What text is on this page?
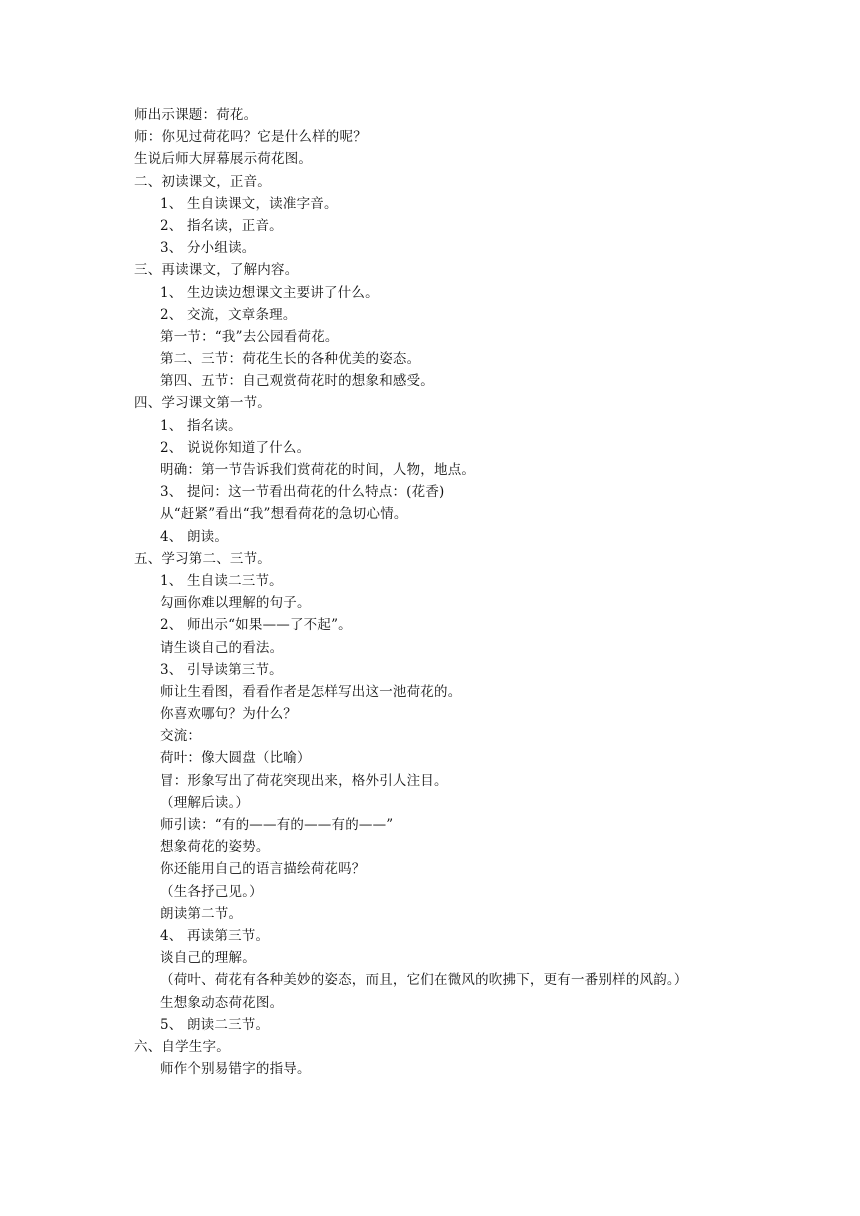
师出示课题：荷花。
师：你见过荷花吗？它是什么样的呢？
生说后师大屏幕展示荷花图。
二、初读课文，正音。
1、 生自读课文，读准字音。
2、 指名读，正音。
3、 分小组读。
三、再读课文，了解内容。
1、 生边读边想课文主要讲了什么。
2、 交流，文章条理。
第一节：“我”去公园看荷花。
第二、三节：荷花生长的各种优美的姿态。
第四、五节：自己观赏荷花时的想象和感受。
四、学习课文第一节。
1、 指名读。
2、 说说你知道了什么。
明确：第一节告诉我们赏荷花的时间，人物，地点。
3、 提问：这一节看出荷花的什么特点：(花香)
从“赶紧”看出“我”想看荷花的急切心情。
4、 朗读。
五、学习第二、三节。
1、 生自读二三节。
勾画你难以理解的句子。
2、 师出示“如果——了不起”。
请生谈自己的看法。
3、 引导读第三节。
师让生看图，看看作者是怎样写出这一池荷花的。
你喜欢哪句？为什么？
交流：
荷叶：像大圆盘（比喻）
冒：形象写出了荷花突现出来，格外引人注目。
（理解后读。）
师引读：“有的——有的——有的——”
想象荷花的姿势。
你还能用自己的语言描绘荷花吗？
（生各抒己见。）
朗读第二节。
4、 再读第三节。
谈自己的理解。
（荷叶、荷花有各种美妙的姿态，而且，它们在微风的吹拂下，更有一番别样的风韵。）
生想象动态荷花图。
5、 朗读二三节。
六、自学生字。
师作个别易错字的指导。
